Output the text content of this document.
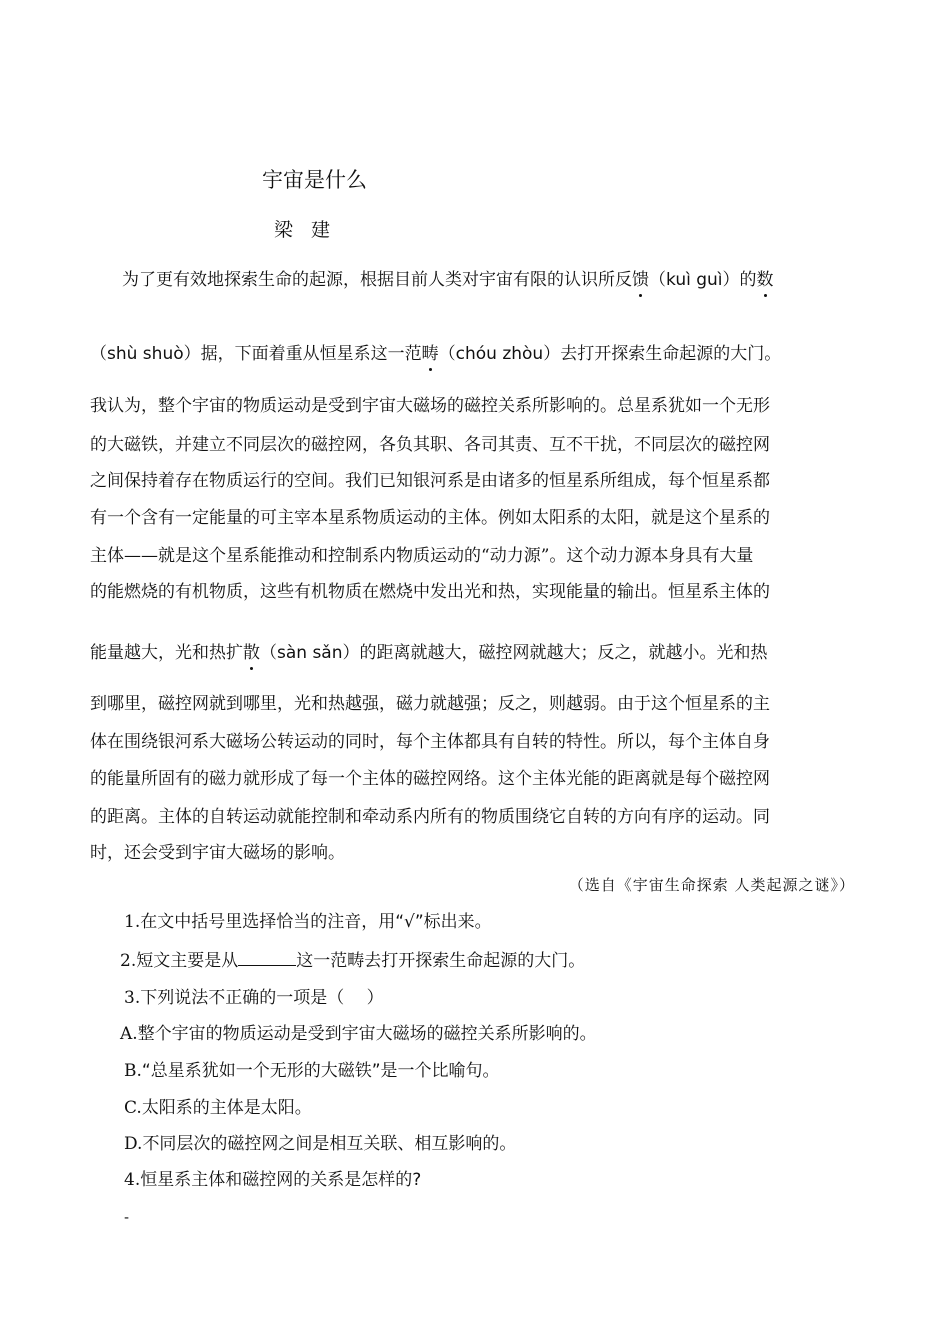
宇宙是什么
梁 建
为了更有效地探索生命的起源，根据目前人类对宇宙有限的认识所反馈（kuì guì）的数
（shù shuò）据，下面着重从恒星系这一范畴（chóu zhòu）去打开探索生命起源的大门。
我认为，整个宇宙的物质运动是受到宇宙大磁场的磁控关系所影响的。总星系犹如一个无形
的大磁铁，并建立不同层次的磁控网，各负其职、各司其责、互不干扰，不同层次的磁控网
之间保持着存在物质运行的空间。我们已知银河系是由诸多的恒星系所组成，每个恒星系都
有一个含有一定能量的可主宰本星系物质运动的主体。例如太阳系的太阳，就是这个星系的
主体——就是这个星系能推动和控制系内物质运动的“动力源”。这个动力源本身具有大量
的能燃烧的有机物质，这些有机物质在燃烧中发出光和热，实现能量的输出。恒星系主体的
能量越大，光和热扩散（sàn sǎn）的距离就越大，磁控网就越大；反之，就越小。光和热
到哪里，磁控网就到哪里，光和热越强，磁力就越强；反之，则越弱。由于这个恒星系的主
体在围绕银河系大磁场公转运动的同时，每个主体都具有自转的特性。所以，每个主体自身
的能量所固有的磁力就形成了每一个主体的磁控网络。这个主体光能的距离就是每个磁控网
的距离。主体的自转运动就能控制和牵动系内所有的物质围绕它自转的方向有序的运动。同
时，还会受到宇宙大磁场的影响。
（选自《宇宙生命探索 人类起源之谜》）
1.在文中括号里选择恰当的注音，用“√”标出来。
2.短文主要是从	这一范畴去打开探索生命起源的大门。
3.下列说法不正确的一项是（　 ）
A.整个宇宙的物质运动是受到宇宙大磁场的磁控关系所影响的。
B.“总星系犹如一个无形的大磁铁”是一个比喻句。
C.太阳系的主体是太阳。
D.不同层次的磁控网之间是相互关联、相互影响的。
4.恒星系主体和磁控网的关系是怎样的?
-
